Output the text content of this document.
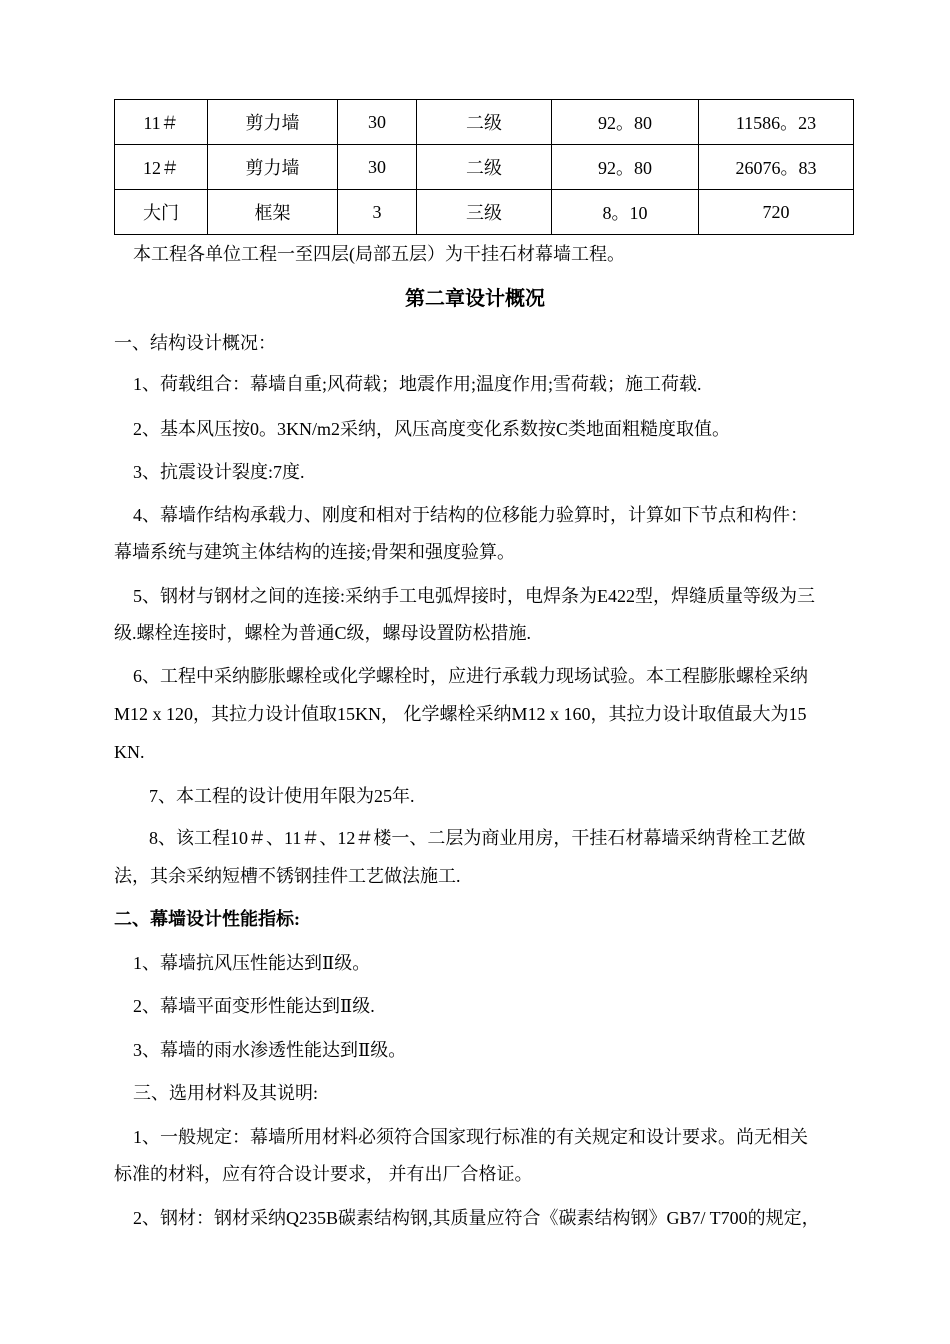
11＃	剪力墙	30	二级	92。80	11586。23
12＃	剪力墙	30	二级	92。80	26076。83
大门	框架	3	三级	8。10	720
本工程各单位工程一至四层(局部五层）为干挂石材幕墙工程。
第二章设计概况
一、结构设计概况：
1、荷载组合：幕墙自重;风荷载；地震作用;温度作用;雪荷载；施工荷载.
2、基本风压按0。3KN/m2采纳，风压高度变化系数按C类地面粗糙度取值。
3、抗震设计裂度:7度.
4、幕墙作结构承载力、刚度和相对于结构的位移能力验算时，计算如下节点和构件：
幕墙系统与建筑主体结构的连接;骨架和强度验算。
5、钢材与钢材之间的连接:采纳手工电弧焊接时，电焊条为E422型，焊缝质量等级为三
级.螺栓连接时，螺栓为普通C级，螺母设置防松措施.
6、工程中采纳膨胀螺栓或化学螺栓时，应进行承载力现场试验。本工程膨胀螺栓采纳
M12 x 120，其拉力设计值取15KN， 化学螺栓采纳M12 x 160，其拉力设计取值最大为15
KN.
7、本工程的设计使用年限为25年.
8、该工程10＃、11＃、12＃楼一、二层为商业用房，干挂石材幕墙采纳背栓工艺做
法，其余采纳短槽不锈钢挂件工艺做法施工.
二、幕墙设计性能指标:
1、幕墙抗风压性能达到Ⅱ级。
2、幕墙平面变形性能达到Ⅱ级.
3、幕墙的雨水渗透性能达到Ⅱ级。
三、选用材料及其说明:
1、一般规定：幕墙所用材料必须符合国家现行标准的有关规定和设计要求。尚无相关
标准的材料，应有符合设计要求， 并有出厂合格证。
2、钢材：钢材采纳Q235B碳素结构钢,其质量应符合《碳素结构钢》GB7/ T700的规定，
